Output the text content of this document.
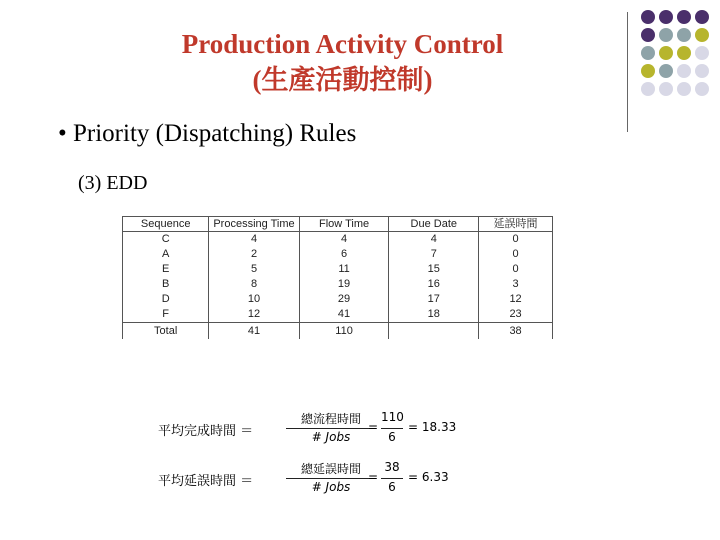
Production Activity Control
(生產活動控制)
• Priority (Dispatching) Rules
(3) EDD
Sequence	Processing Time	Flow Time	Due Date	延誤時間
C	4	4	4	0
A	2	6	7	0
E	5	11	15	0
B	8	19	16	3
D	10	29	17	12
F	12	41	18	23
Total	41	110		38
平均完成時間 ＝
總流程時間
# Jobs
=
110
6
= 18.33
平均延誤時間 ＝
總延誤時間
# Jobs
=
38
6
= 6.33
